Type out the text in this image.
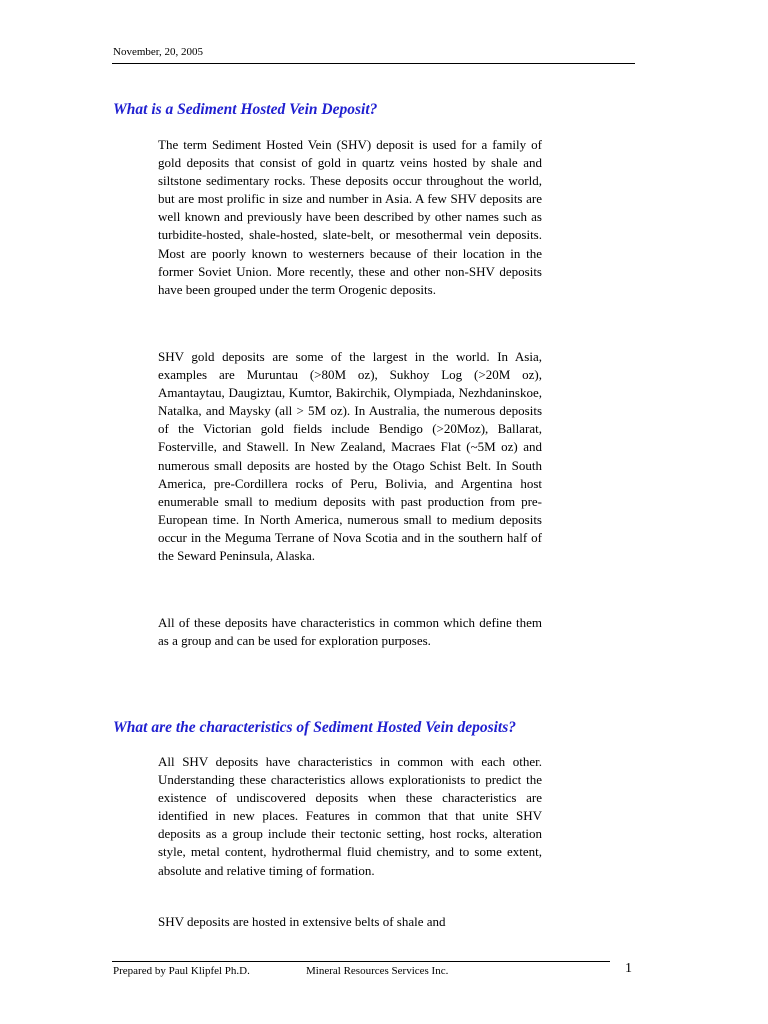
November, 20, 2005
What is a Sediment Hosted Vein Deposit?

The term Sediment Hosted Vein (SHV) deposit is used for a family of gold deposits that consist of gold in quartz veins hosted by shale and siltstone sedimentary rocks. These deposits occur throughout the world, but are most prolific in size and number in Asia. A few SHV deposits are well known and previously have been described by other names such as turbidite-hosted, shale-hosted, slate-belt, or mesothermal vein deposits. Most are poorly known to westerners because of their location in the former Soviet Union. More recently, these and other non-SHV deposits have been grouped under the term Orogenic deposits.

SHV gold deposits are some of the largest in the world. In Asia, examples are Muruntau (>80M oz), Sukhoy Log (>20M oz), Amantaytau, Daugiztau, Kumtor, Bakirchik, Olympiada, Nezhdaninskoe, Natalka, and Maysky (all > 5M oz). In Australia, the numerous deposits of the Victorian gold fields include Bendigo (>20Moz), Ballarat, Fosterville, and Stawell. In New Zealand, Macraes Flat (~5M oz) and numerous small deposits are hosted by the Otago Schist Belt. In South America, pre-Cordillera rocks of Peru, Bolivia, and Argentina host enumerable small to medium deposits with past production from pre-European time. In North America, numerous small to medium deposits occur in the Meguma Terrane of Nova Scotia and in the southern half of the Seward Peninsula, Alaska.

All of these deposits have characteristics in common which define them as a group and can be used for exploration purposes.

What are the characteristics of Sediment Hosted Vein deposits?

All SHV deposits have characteristics in common with each other. Understanding these characteristics allows explorationists to predict the existence of undiscovered deposits when these characteristics are identified in new places. Features in common that that unite SHV deposits as a group include their tectonic setting, host rocks, alteration style, metal content, hydrothermal fluid chemistry, and to some extent, absolute and relative timing of formation.

SHV deposits are hosted in extensive belts of shale and

Prepared by Paul Klipfel Ph.D.	Mineral Resources Services Inc.	1
